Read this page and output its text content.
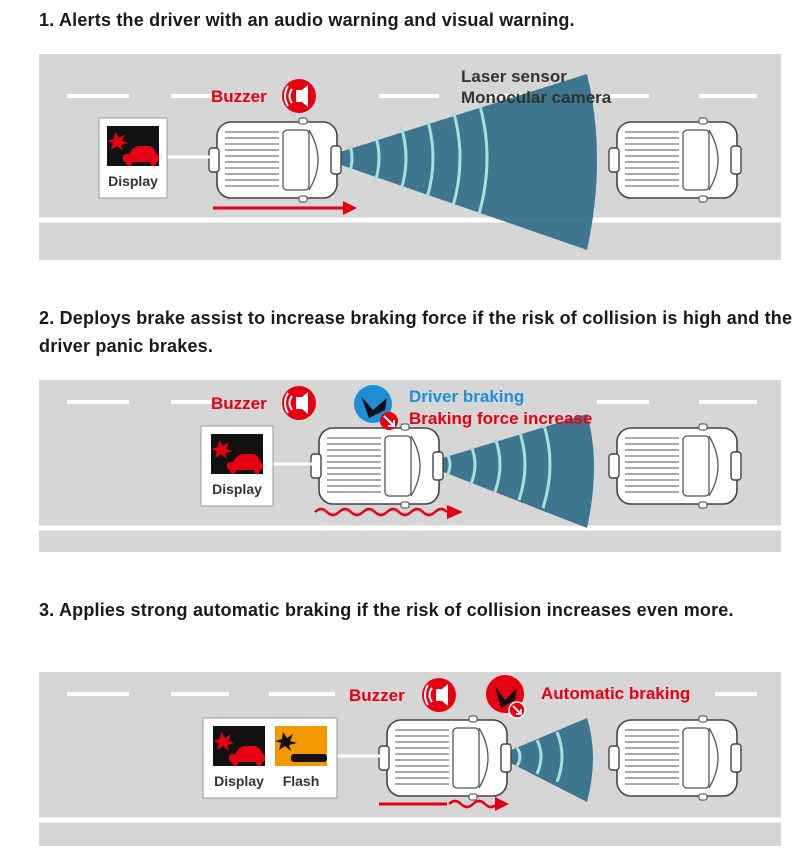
1. Alerts the driver with an audio warning and visual warning.
Display
Buzzer
Laser sensor
Monocular camera
2. Deploys brake assist to increase braking force if the risk of collision is high and the driver panic brakes.
Display
Buzzer	Driver braking
Braking force increase
3. Applies strong automatic braking if the risk of collision increases even more.
Display Flash
Buzzer	Automatic braking
